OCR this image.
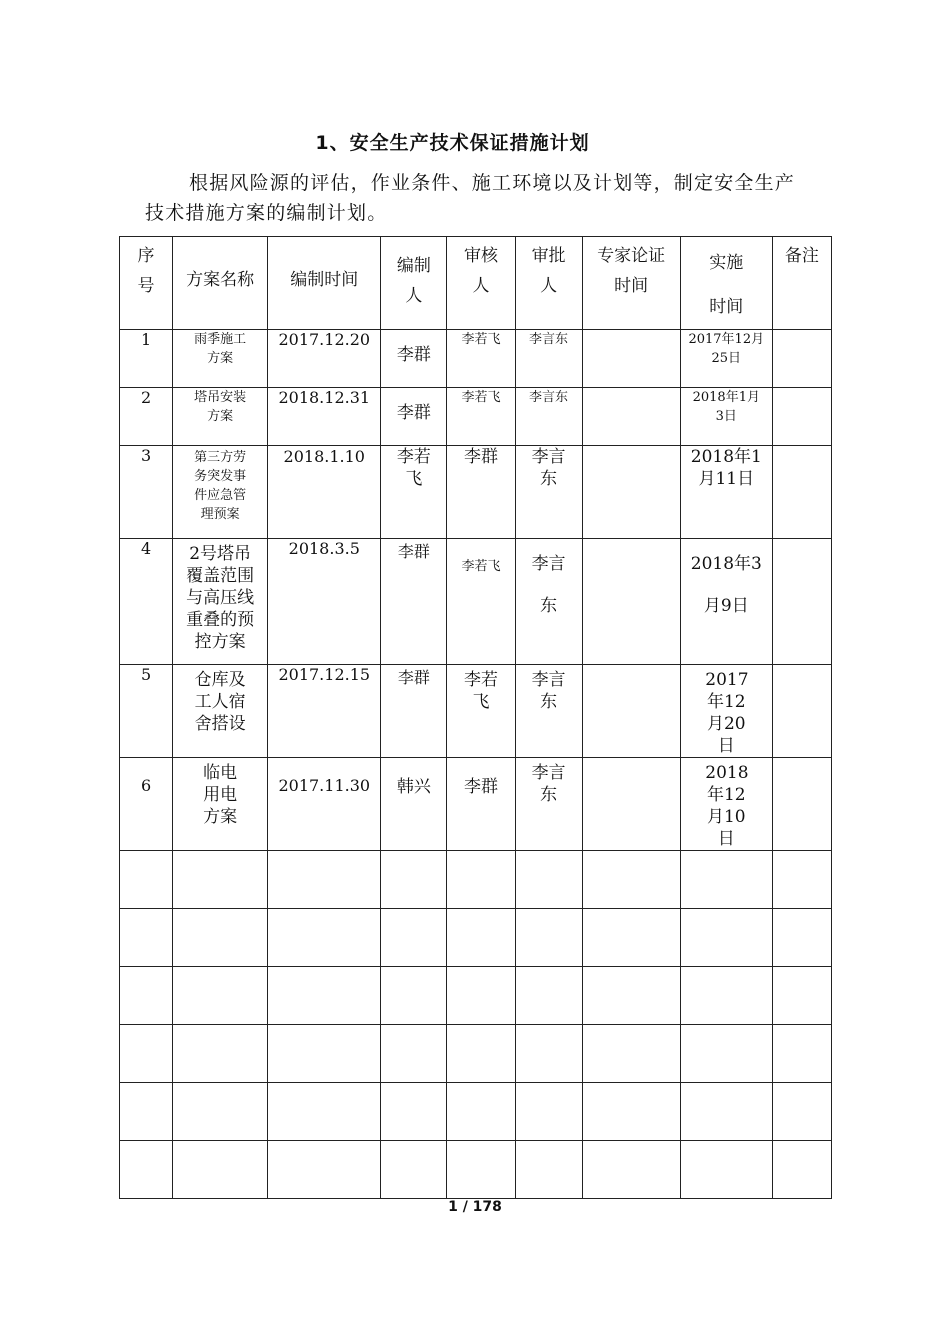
1、安全生产技术保证措施计划
根据风险源的评估，作业条件、施工环境以及计划等，制定安全生产技术措施方案的编制计划。
序号	方案名称	编制时间	编制人	审核人	审批人	专家论证时间	实施时间	备注
1	雨季施工方案	2017.12.20	李群	李若飞	李言东		2017年12月25日	
2	塔吊安装方案	2018.12.31	李群	李若飞	李言东		2018年1月3日	
3	第三方劳务突发事件应急管理预案	2018.1.10	李若飞	李群	李言东		2018年1月11日	
4	2号塔吊覆盖范围与高压线重叠的预控方案	2018.3.5	李群	李若飞	李言东		2018年3月9日	
5	仓库及工人宿舍搭设	2017.12.15	李群	李若飞	李言东		2017年12月20日	
6	临电用电方案	2017.11.30	韩兴	李群	李言东		2018年12月10日	

1 / 178
